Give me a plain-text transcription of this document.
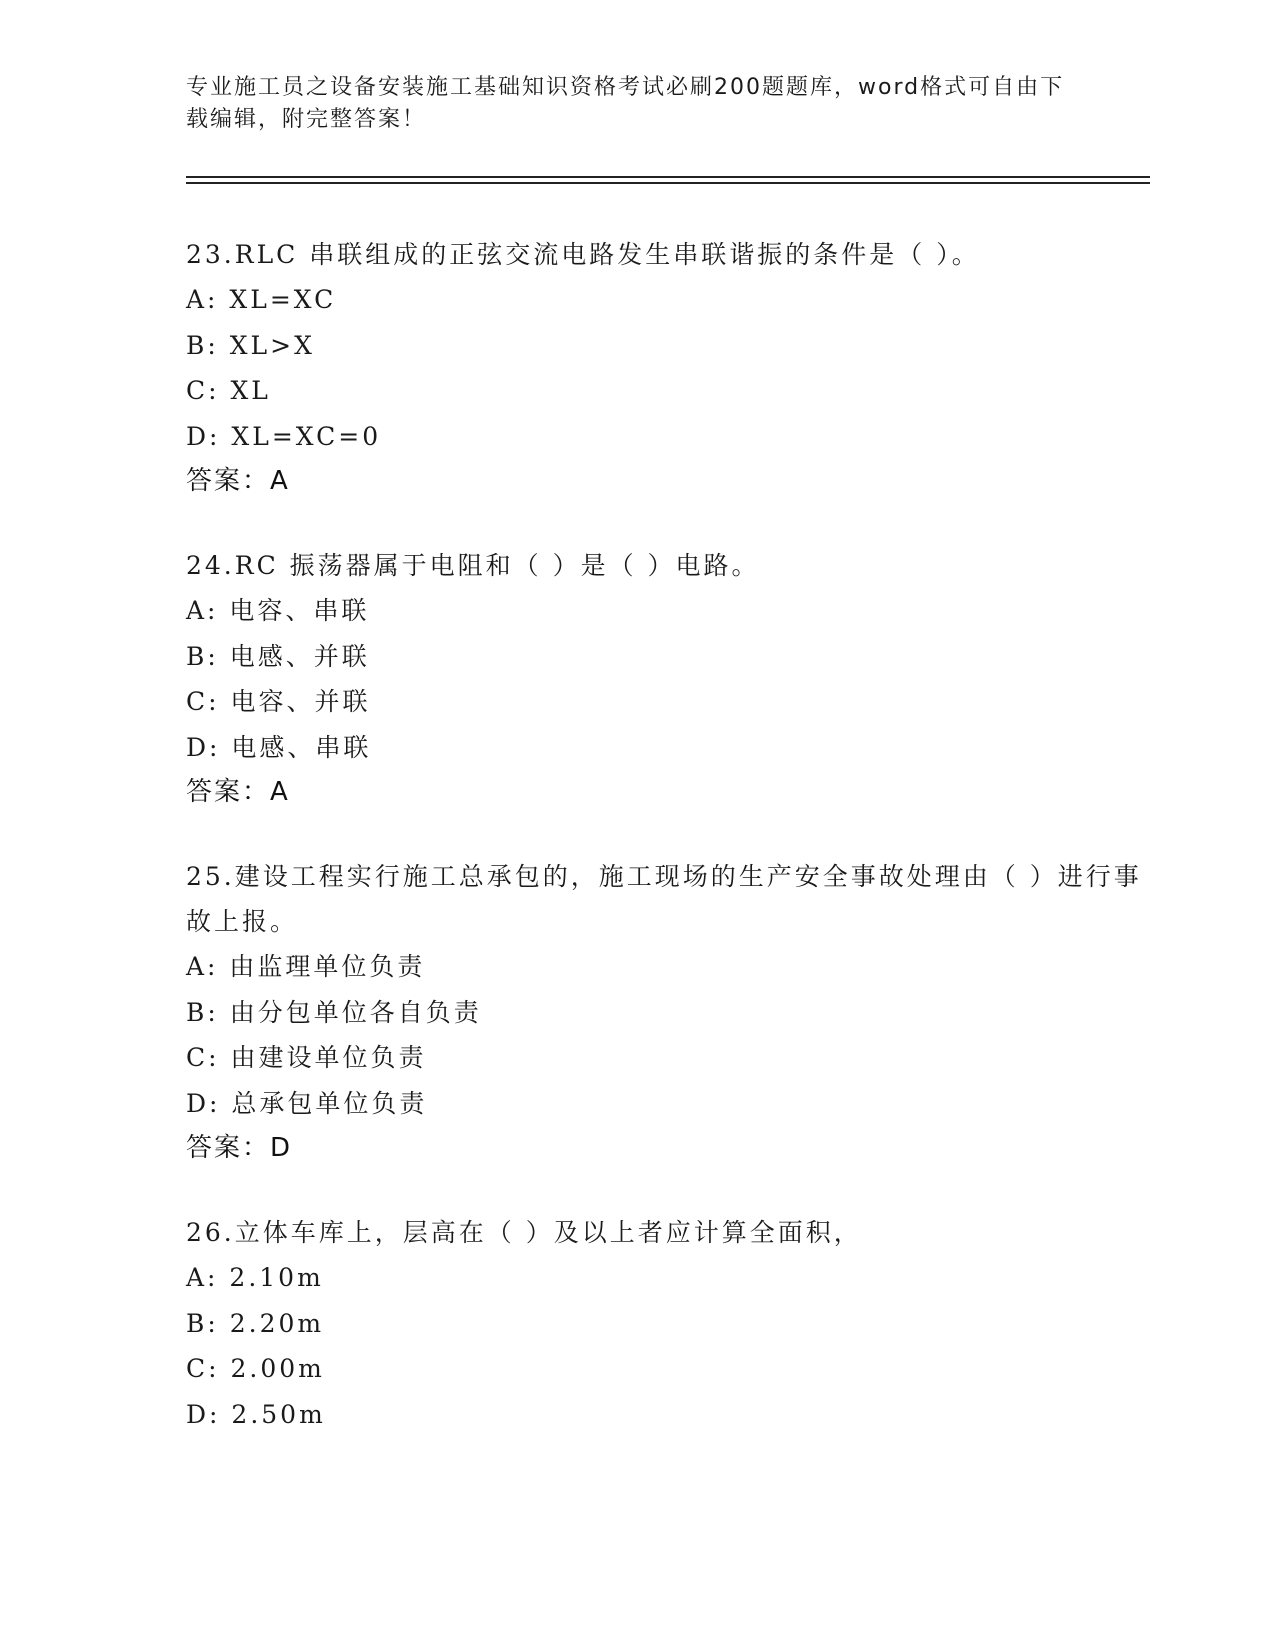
专业施工员之设备安装施工基础知识资格考试必刷200题题库，word格式可自由下载编辑，附完整答案！
23.RLC 串联组成的正弦交流电路发生串联谐振的条件是（ ）。
A: XL=XC
B: XL>X
C: XL
D: XL=XC=0
答案：A
24.RC 振荡器属于电阻和（ ）是（ ）电路。
A: 电容、串联
B: 电感、并联
C: 电容、并联
D: 电感、串联
答案：A
25.建设工程实行施工总承包的，施工现场的生产安全事故处理由（ ）进行事故上报。
A: 由监理单位负责
B: 由分包单位各自负责
C: 由建设单位负责
D: 总承包单位负责
答案：D
26.立体车库上，层高在（ ）及以上者应计算全面积，
A: 2.10m
B: 2.20m
C: 2.00m
D: 2.50m
